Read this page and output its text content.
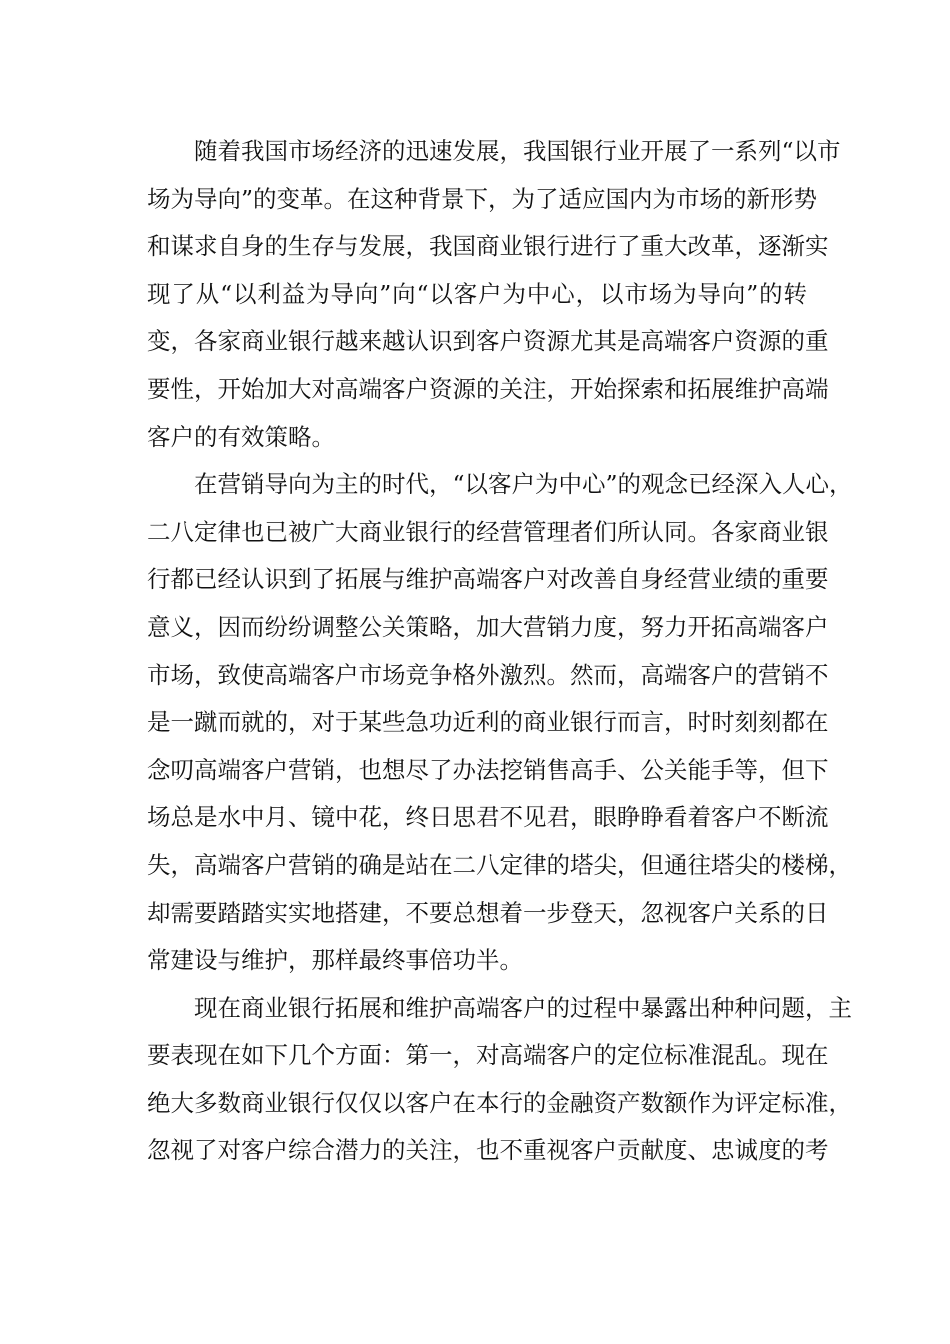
随着我国市场经济的迅速发展，我国银行业开展了一系列“以市
场为导向”的变革。在这种背景下，为了适应国内为市场的新形势
和谋求自身的生存与发展，我国商业银行进行了重大改革，逐渐实
现了从“以利益为导向”向“以客户为中心，以市场为导向”的转
变，各家商业银行越来越认识到客户资源尤其是高端客户资源的重
要性，开始加大对高端客户资源的关注，开始探索和拓展维护高端
客户的有效策略。
在营销导向为主的时代，“以客户为中心”的观念已经深入人心，
二八定律也已被广大商业银行的经营管理者们所认同。各家商业银
行都已经认识到了拓展与维护高端客户对改善自身经营业绩的重要
意义，因而纷纷调整公关策略，加大营销力度，努力开拓高端客户
市场，致使高端客户市场竞争格外激烈。然而，高端客户的营销不
是一蹴而就的，对于某些急功近利的商业银行而言，时时刻刻都在
念叨高端客户营销，也想尽了办法挖销售高手、公关能手等，但下
场总是水中月、镜中花，终日思君不见君，眼睁睁看着客户不断流
失，高端客户营销的确是站在二八定律的塔尖，但通往塔尖的楼梯，
却需要踏踏实实地搭建，不要总想着一步登天，忽视客户关系的日
常建设与维护，那样最终事倍功半。
现在商业银行拓展和维护高端客户的过程中暴露出种种问题，主
要表现在如下几个方面：第一，对高端客户的定位标准混乱。现在
绝大多数商业银行仅仅以客户在本行的金融资产数额作为评定标准，
忽视了对客户综合潜力的关注，也不重视客户贡献度、忠诚度的考
